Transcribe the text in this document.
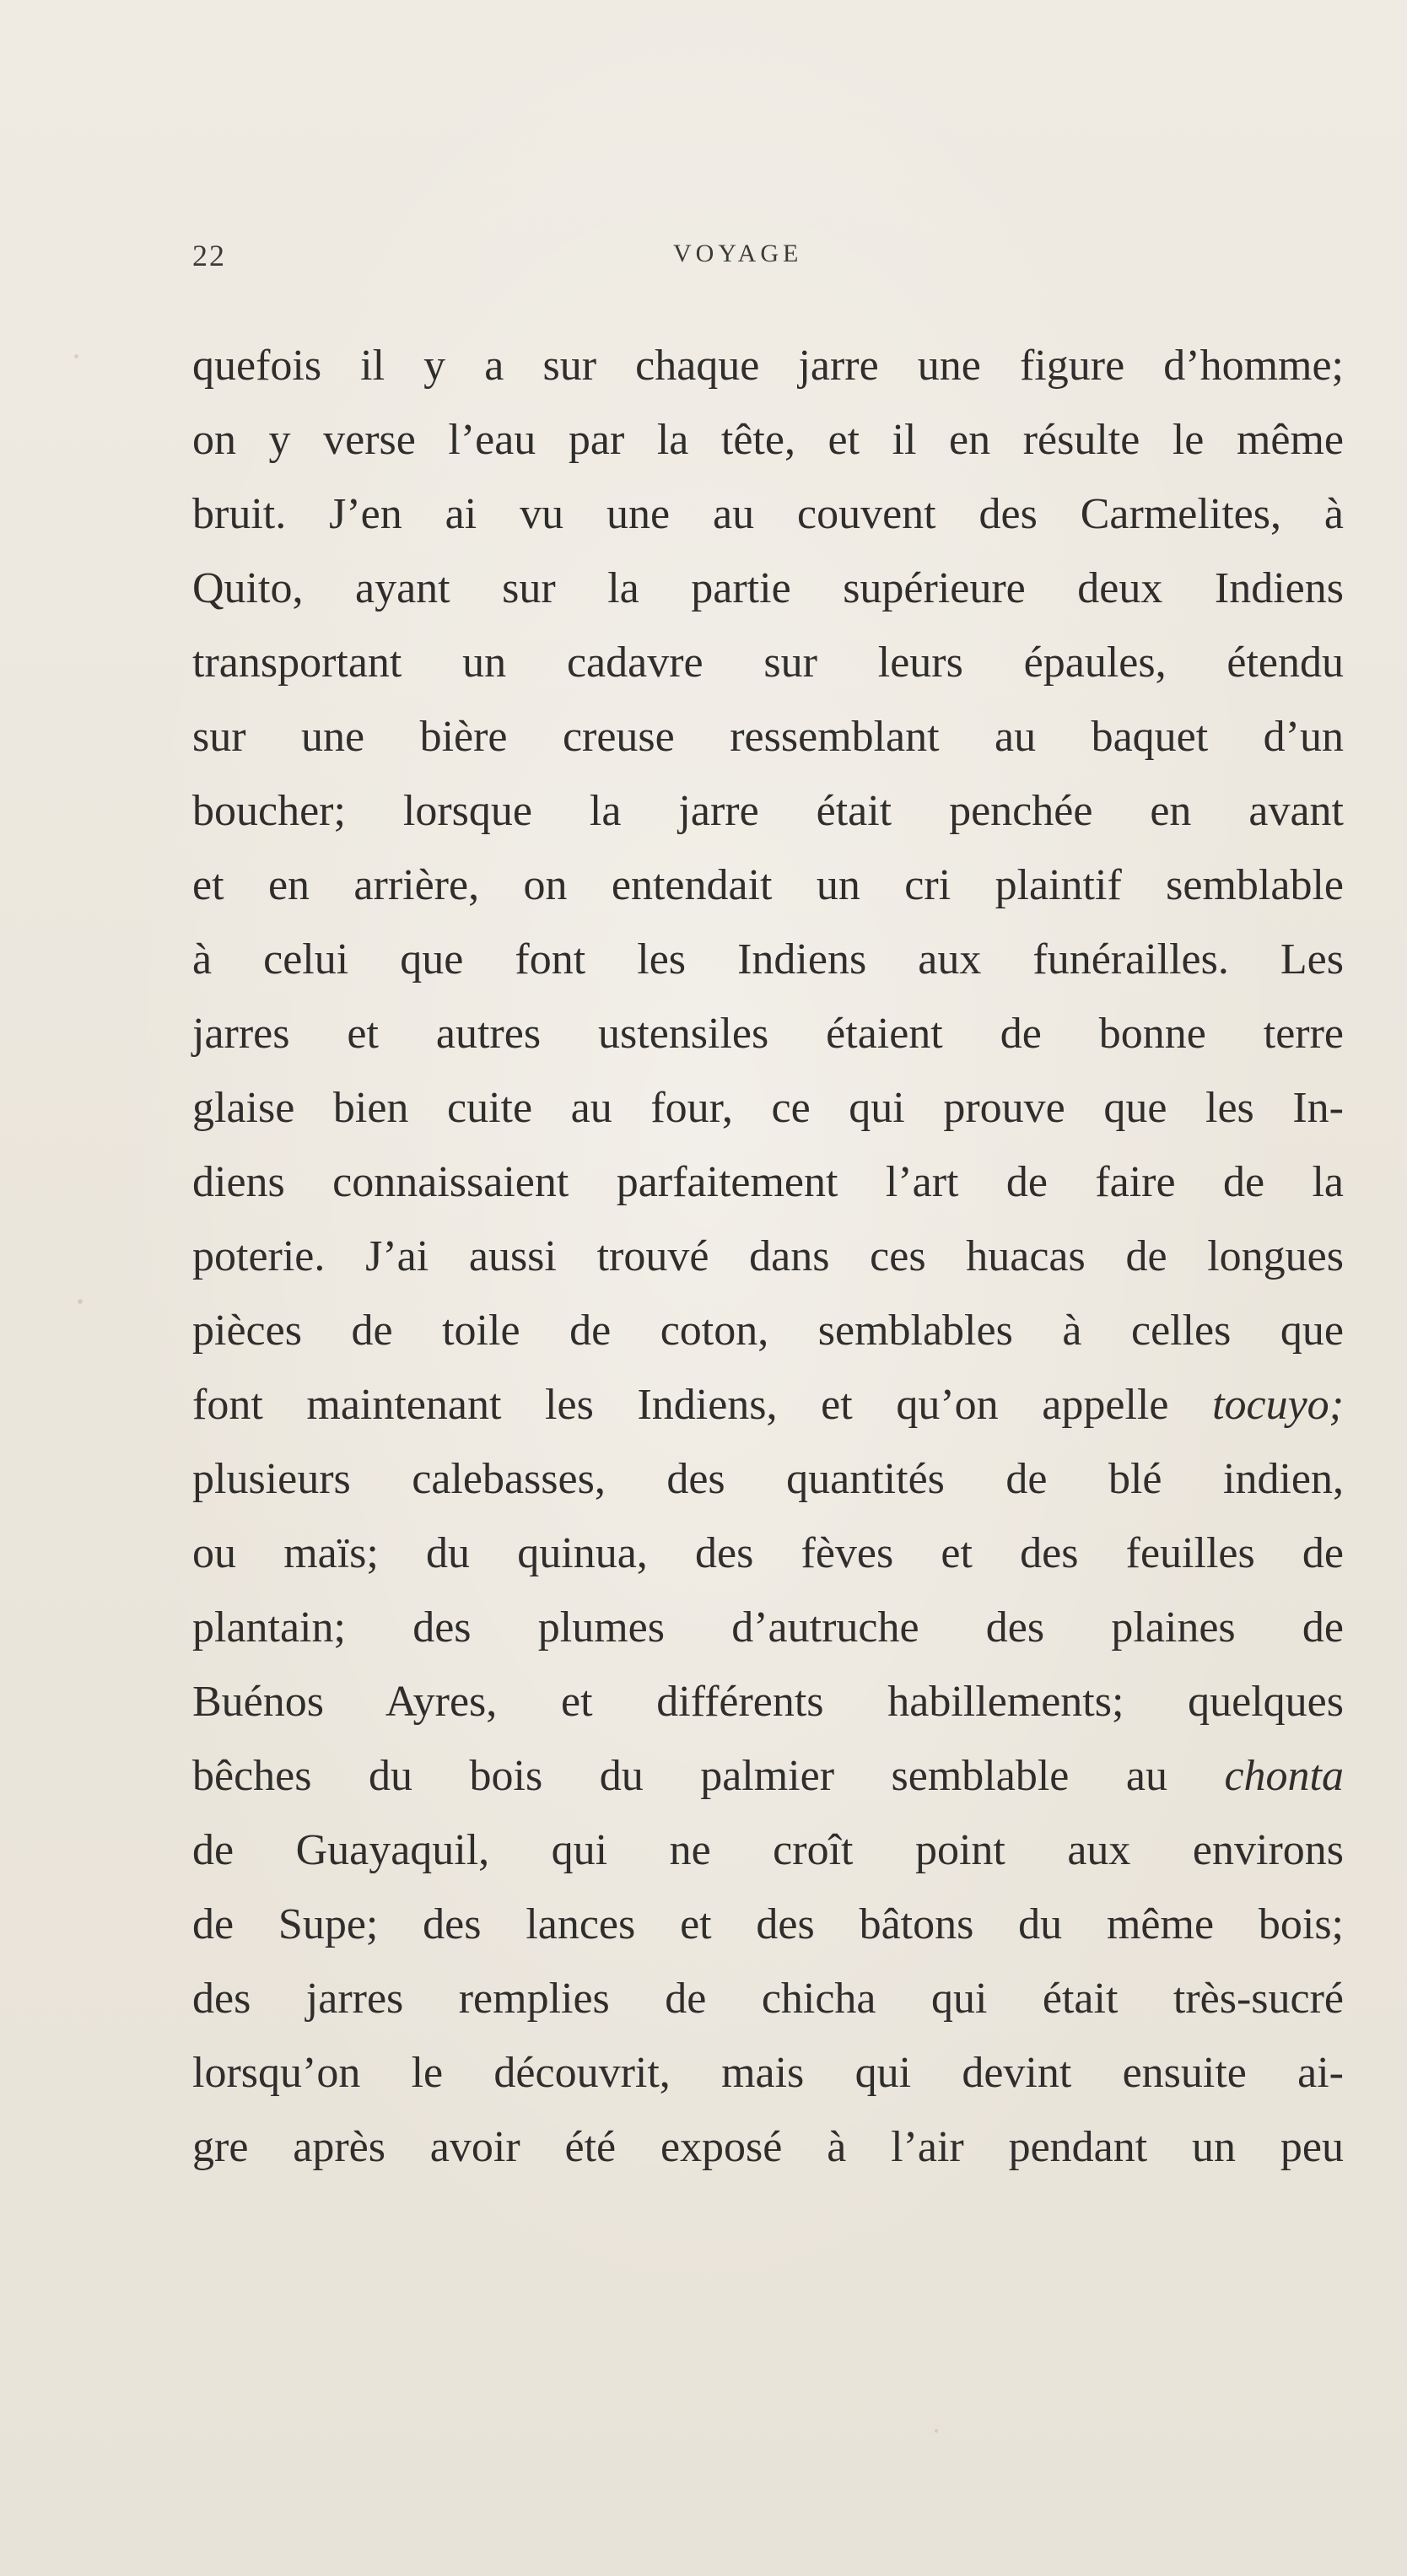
22	VOYAGE
quefois il y a sur chaque jarre une figure d’homme;
on y verse l’eau par la tête, et il en résulte le même
bruit. J’en ai vu une au couvent des Carmelites, à
Quito, ayant sur la partie supérieure deux Indiens
transportant un cadavre sur leurs épaules, étendu
sur une bière creuse ressemblant au baquet d’un
boucher; lorsque la jarre était penchée en avant
et en arrière, on entendait un cri plaintif semblable
à celui que font les Indiens aux funérailles. Les
jarres et autres ustensiles étaient de bonne terre
glaise bien cuite au four, ce qui prouve que les In-
diens connaissaient parfaitement l’art de faire de la
poterie. J’ai aussi trouvé dans ces huacas de longues
pièces de toile de coton, semblables à celles que
font maintenant les Indiens, et qu’on appelle tocuyo;
plusieurs calebasses, des quantités de blé indien,
ou maïs; du quinua, des fèves et des feuilles de
plantain; des plumes d’autruche des plaines de
Buénos Ayres, et différents habillements; quelques
bêches du bois du palmier semblable au chonta
de Guayaquil, qui ne croît point aux environs
de Supe; des lances et des bâtons du même bois;
des jarres remplies de chicha qui était très-sucré
lorsqu’on le découvrit, mais qui devint ensuite ai-
gre après avoir été exposé à l’air pendant un peu
